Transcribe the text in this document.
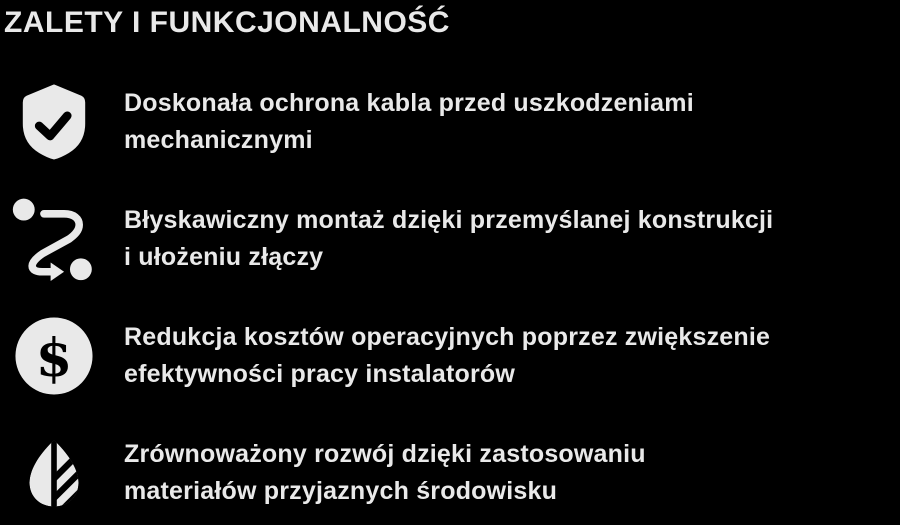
ZALETY I FUNKCJONALNOŚĆ
Doskonała ochrona kabla przed uszkodzeniami
mechanicznymi
Błyskawiczny montaż dzięki przemyślanej konstrukcji
i ułożeniu złączy
$ Redukcja kosztów operacyjnych poprzez zwiększenie
efektywności pracy instalatorów
Zrównoważony rozwój dzięki zastosowaniu
materiałów przyjaznych środowisku
